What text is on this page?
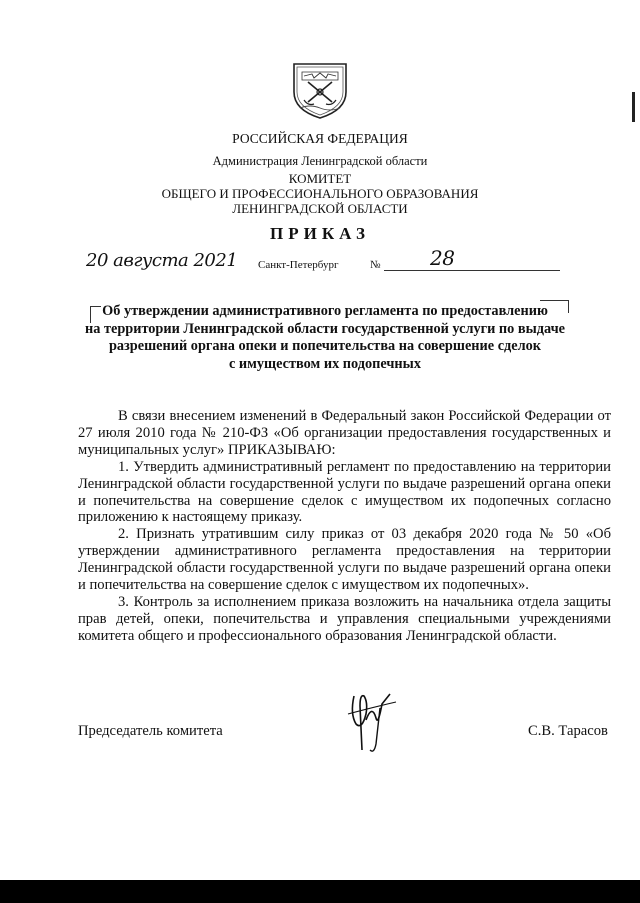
РОССИЙСКАЯ ФЕДЕРАЦИЯ
Администрация Ленинградской области
КОМИТЕТ
ОБЩЕГО И ПРОФЕССИОНАЛЬНОГО ОБРАЗОВАНИЯ
ЛЕНИНГРАДСКОЙ ОБЛАСТИ
ПРИКАЗ
20 августа 2021 Санкт-Петербург	№ 28
Об утверждении административного регламента по предоставлению
на территории Ленинградской области государственной услуги по выдаче
разрешений органа опеки и попечительства на совершение сделок
с имуществом их подопечных

В связи внесением изменений в Федеральный закон Российской Федерации от 27 июля 2010 года № 210-ФЗ «Об организации предоставления государственных и муниципальных услуг» ПРИКАЗЫВАЮ:

1. Утвердить административный регламент по предоставлению на территории Ленинградской области государственной услуги по выдаче разрешений органа опеки и попечительства на совершение сделок с имуществом их подопечных согласно приложению к настоящему приказу.

2. Признать утратившим силу приказ от 03 декабря 2020 года № 50 «Об утверждении административного регламента предоставления на территории Ленинградской области государственной услуги по выдаче разрешений органа опеки и попечительства на совершение сделок с имуществом их подопечных».

3. Контроль за исполнением приказа возложить на начальника отдела защиты прав детей, опеки, попечительства и управления специальными учреждениями комитета общего и профессионального образования Ленинградской области.

Председатель комитета	С.В. Тарасов
